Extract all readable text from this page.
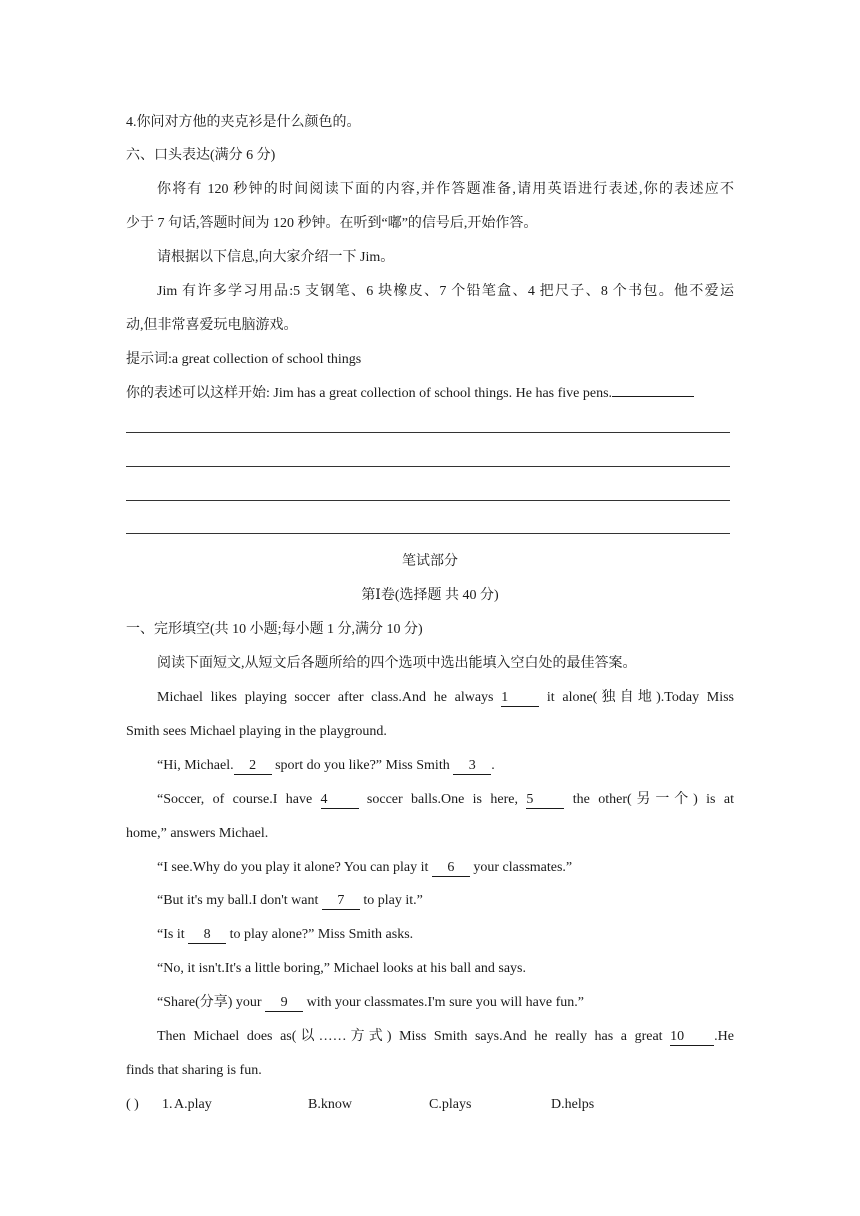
4.你问对方他的夹克衫是什么颜色的。
六、口头表达(满分 6 分)
你将有 120 秒钟的时间阅读下面的内容,并作答题准备,请用英语进行表述,你的表述应不
少于 7 句话,答题时间为 120 秒钟。在听到“嘟”的信号后,开始作答。
请根据以下信息,向大家介绍一下 Jim。
Jim 有许多学习用品:5 支钢笔、6 块橡皮、7 个铅笔盒、4 把尺子、8 个书包。他不爱运
动,但非常喜爱玩电脑游戏。
提示词:a great collection of school things
你的表述可以这样开始: Jim has a great collection of school things. He has five pens.
笔试部分
第Ⅰ卷(选择题 共 40 分)
一、完形填空(共 10 小题;每小题 1 分,满分 10 分)
阅读下面短文,从短文后各题所给的四个选项中选出能填入空白处的最佳答案。
Michael likes playing soccer after class.And he always 1	it alone(独自地).Today Miss
Smith sees Michael playing in the playground.
“Hi, Michael. 2 sport do you like?” Miss Smith 3 .
“Soccer, of course.I have 4	soccer balls.One is here, 5	the other(另一个) is at
home,” answers Michael.
“I see.Why do you play it alone? You can play it 6 your classmates.”
“But it's my ball.I don't want 7 to play it.”
“Is it 8 to play alone?” Miss Smith asks.
“No, it isn't.It's a little boring,” Michael looks at his ball and says.
“Share(分享) your 9 with your classmates.I'm sure you will have fun.”
Then Michael does as(以……方式) Miss Smith says.And he really has a great 10 .He
finds that sharing is fun.
( ) 1. A.play	B.know	C.plays	D.helps
